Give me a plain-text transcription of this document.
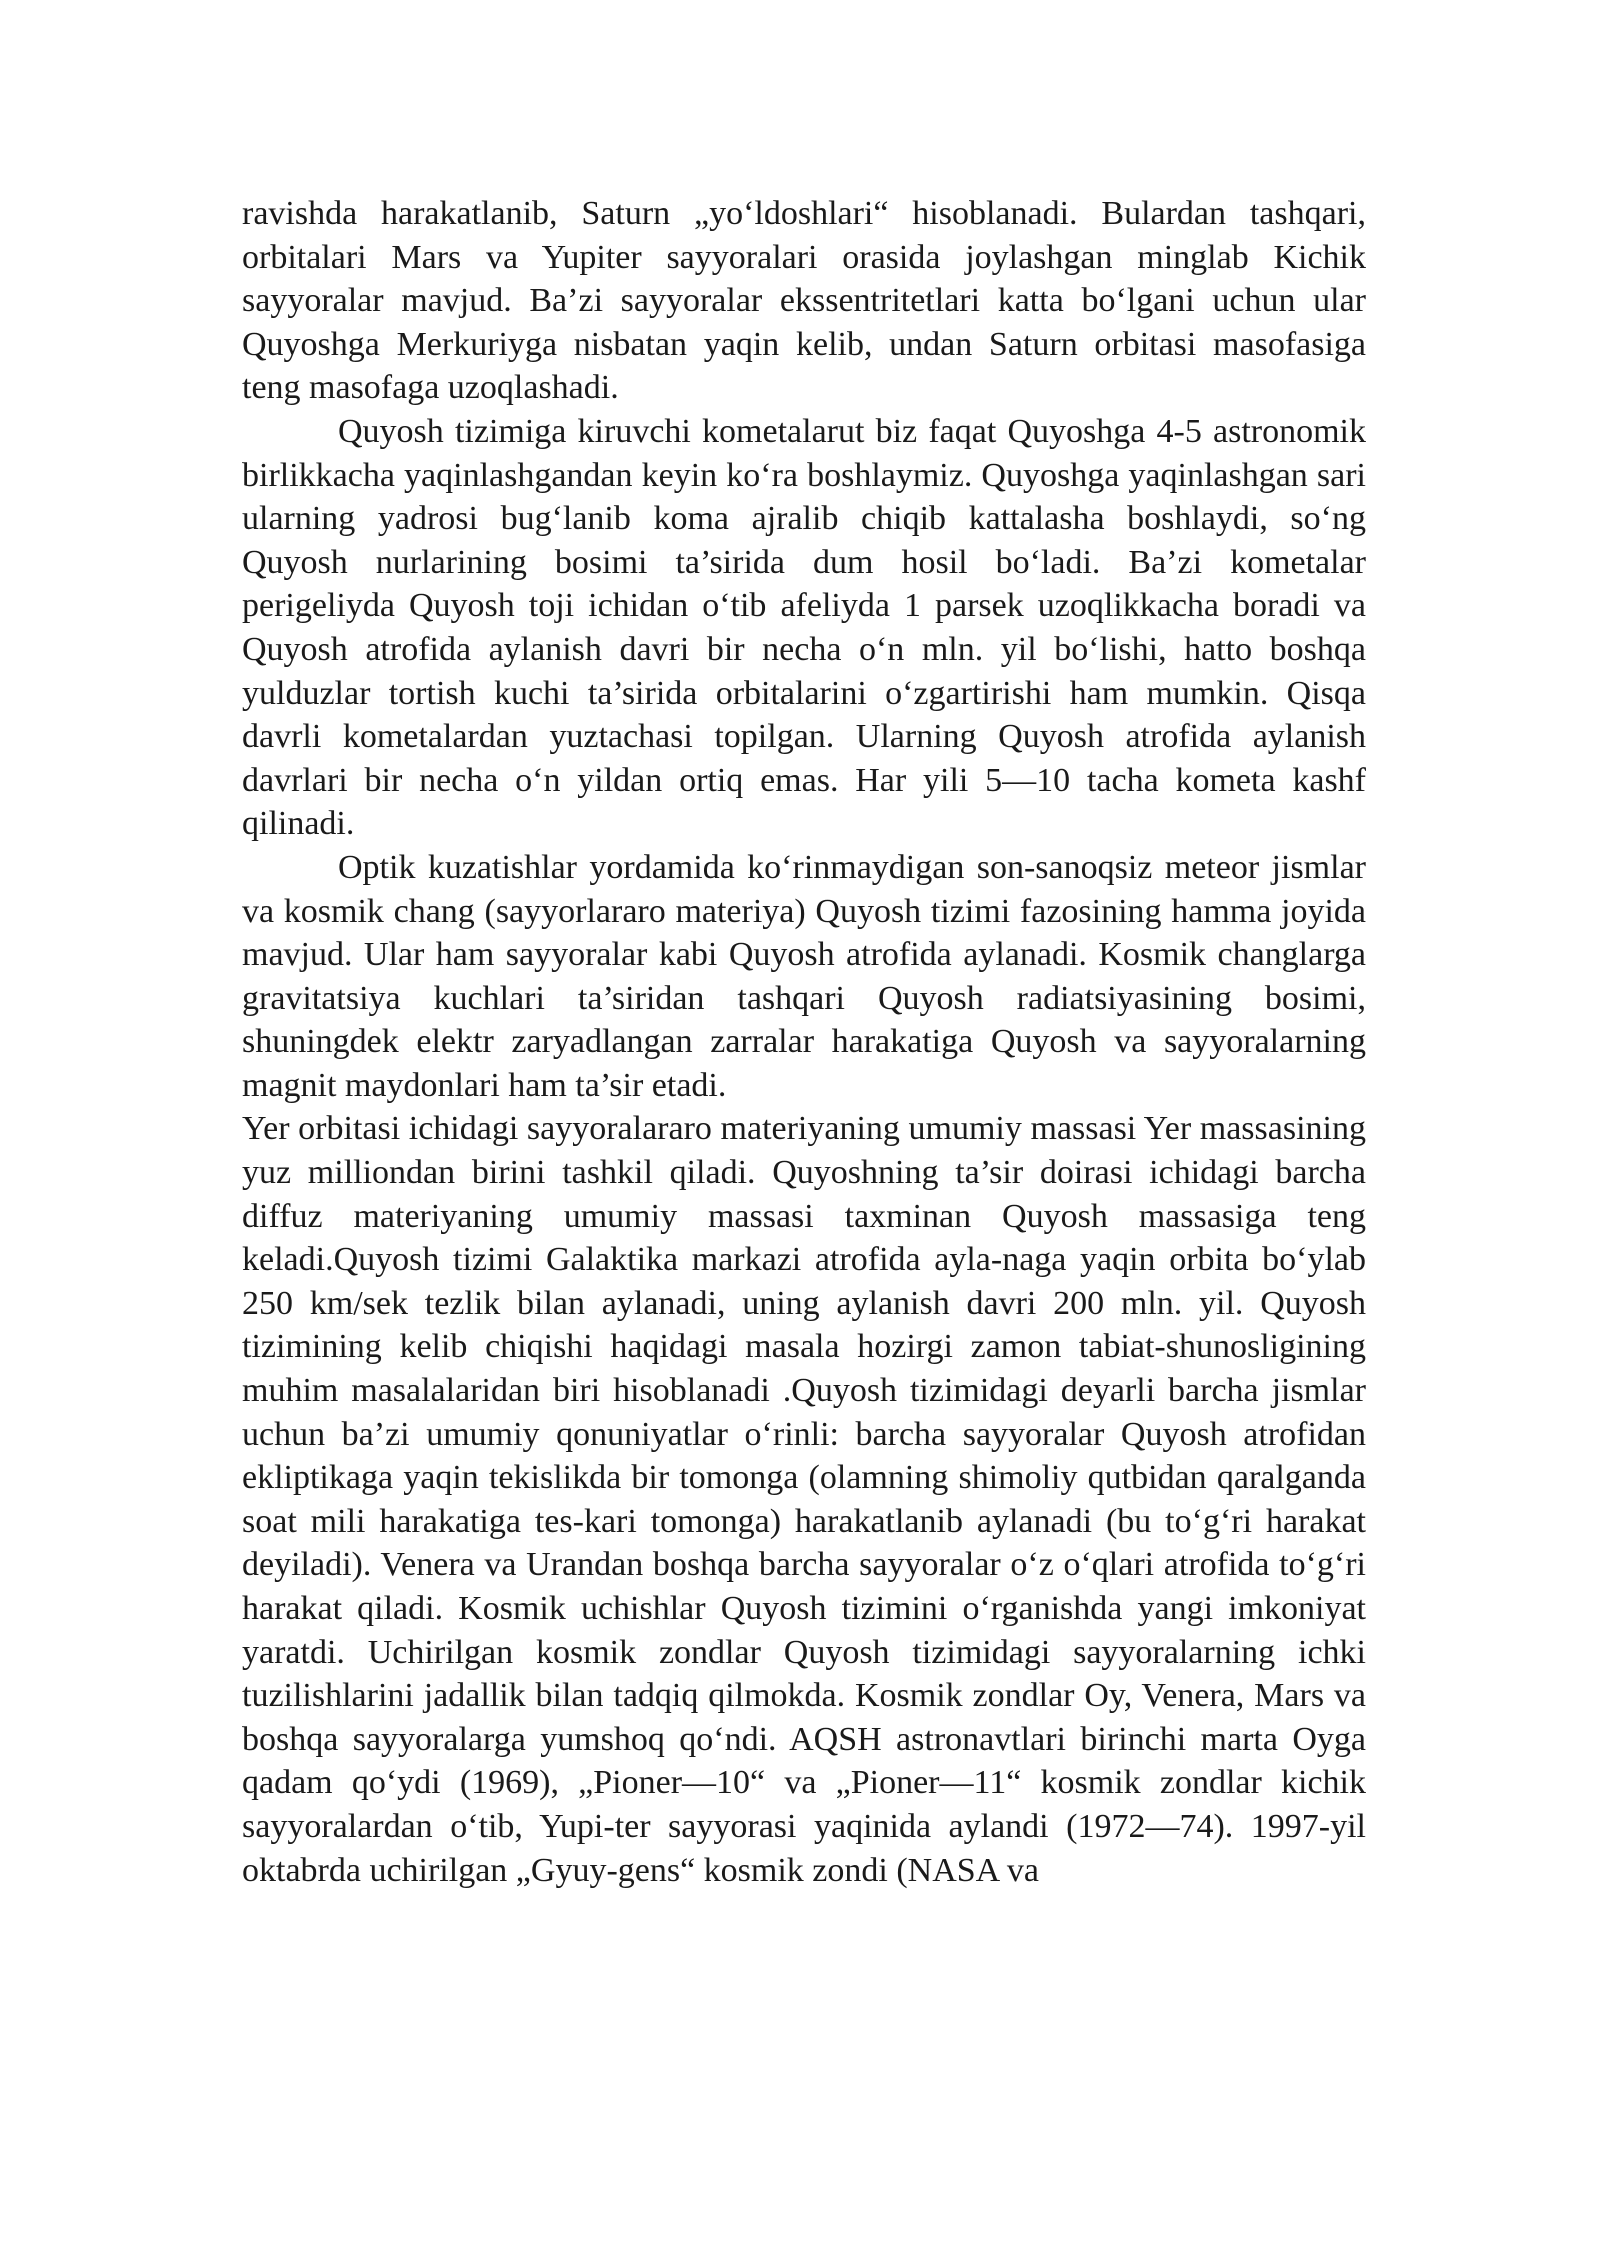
ravishda harakatlanib, Saturn „yo‘ldoshlari“ hisoblanadi. Bulardan tashqari, orbitalari Mars va Yupiter sayyoralari orasida joylashgan minglab Kichik sayyoralar mavjud. Ba’zi sayyoralar ekssentritetlari katta bo‘lgani uchun ular Quyoshga Merkuriyga nisbatan yaqin kelib, undan Saturn orbitasi masofasiga teng masofaga uzoqlashadi.

Quyosh tizimiga kiruvchi kometalarut biz faqat Quyoshga 4-5 astronomik birlikkacha yaqinlashgandan keyin ko‘ra boshlaymiz. Quyoshga yaqinlashgan sari ularning yadrosi bug‘lanib koma ajralib chiqib kattalasha boshlaydi, so‘ng Quyosh nurlarining bosimi ta’sirida dum hosil bo‘ladi. Ba’zi kometalar perigeliyda Quyosh toji ichidan o‘tib afeliyda 1 parsek uzoqlikkacha boradi va Quyosh atrofida aylanish davri bir necha o‘n mln. yil bo‘lishi, hatto boshqa yulduzlar tortish kuchi ta’sirida orbitalarini o‘zgartirishi ham mumkin. Qisqa davrli kometalardan yuztachasi topilgan. Ularning Quyosh atrofida aylanish davrlari bir necha o‘n yildan ortiq emas. Har yili 5—10 tacha kometa kashf qilinadi.

Optik kuzatishlar yordamida ko‘rinmaydigan son-sanoqsiz meteor jismlar va kosmik chang (sayyorlararo materiya) Quyosh tizimi fazosining hamma joyida mavjud. Ular ham sayyoralar kabi Quyosh atrofida aylanadi. Kosmik changlarga gravitatsiya kuchlari ta’siridan tashqari Quyosh radiatsiyasining bosimi, shuningdek elektr zaryadlangan zarralar harakatiga Quyosh va sayyoralarning magnit maydonlari ham ta’sir etadi.

Yer orbitasi ichidagi sayyoralararo materiyaning umumiy massasi Yer massasining yuz milliondan birini tashkil qiladi. Quyoshning ta’sir doirasi ichidagi barcha diffuz materiyaning umumiy massasi taxminan Quyosh massasiga teng keladi.Quyosh tizimi Galaktika markazi atrofida ayla-naga yaqin orbita bo‘ylab 250 km/sek tezlik bilan aylanadi, uning aylanish davri 200 mln. yil. Quyosh tizimining kelib chiqishi haqidagi masala hozirgi zamon tabiat-shunosligining muhim masalalaridan biri hisoblanadi .Quyosh tizimidagi deyarli barcha jismlar uchun ba’zi umumiy qonuniyatlar o‘rinli: barcha sayyoralar Quyosh atrofidan ekliptikaga yaqin tekislikda bir tomonga (olamning shimoliy qutbidan qaralganda soat mili harakatiga tes-kari tomonga) harakatlanib aylanadi (bu to‘g‘ri harakat deyiladi). Venera va Urandan boshqa barcha sayyoralar o‘z o‘qlari atrofida to‘g‘ri harakat qiladi. Kosmik uchishlar Quyosh tizimini o‘rganishda yangi imkoniyat yaratdi. Uchirilgan kosmik zondlar Quyosh tizimidagi sayyoralarning ichki tuzilishlarini jadallik bilan tadqiq qilmokda. Kosmik zondlar Oy, Venera, Mars va boshqa sayyoralarga yumshoq qo‘ndi. AQSH astronavtlari birinchi marta Oyga qadam qo‘ydi (1969), „Pioner—10“ va „Pioner—11“ kosmik zondlar kichik sayyoralardan o‘tib, Yupi-ter sayyorasi yaqinida aylandi (1972—74). 1997-yil oktabrda uchirilgan „Gyuy-gens“ kosmik zondi (NASA va
